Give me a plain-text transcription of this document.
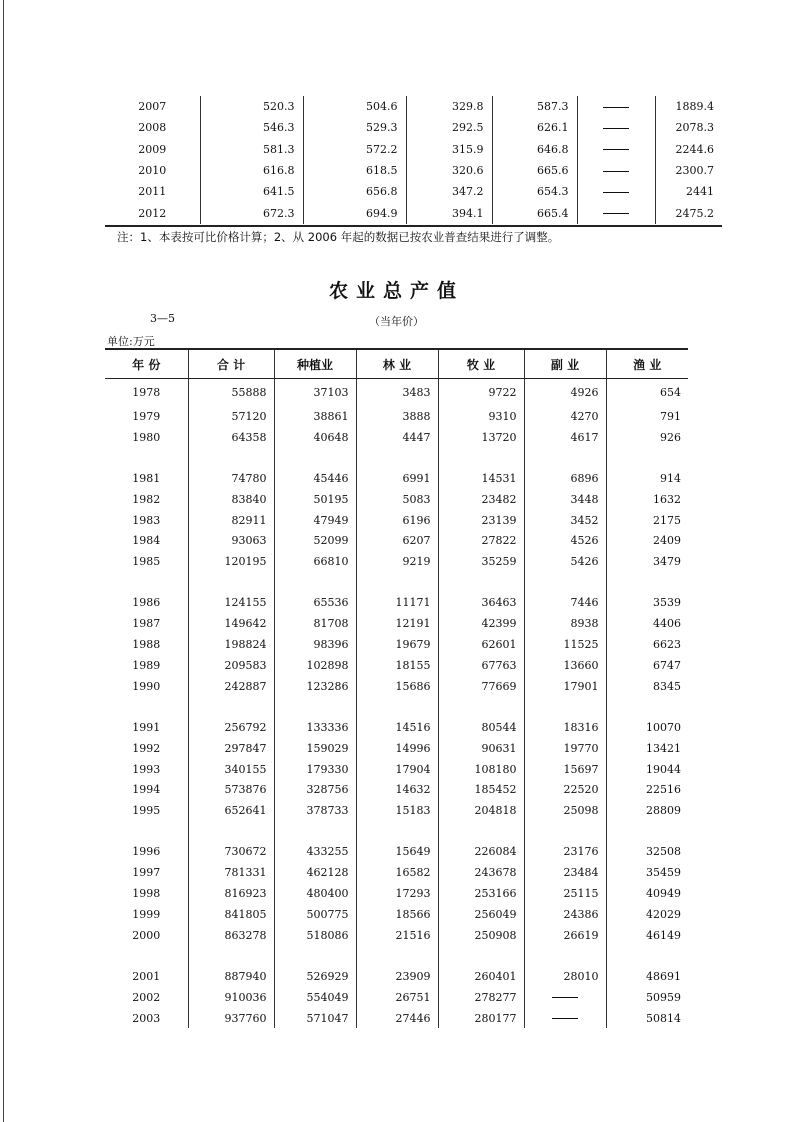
2007	520.3	504.6	329.8	587.3		1889.4
2008	546.3	529.3	292.5	626.1		2078.3
2009	581.3	572.2	315.9	646.8		2244.6
2010	616.8	618.5	320.6	665.6		2300.7
2011	641.5	656.8	347.2	654.3		2441
2012	672.3	694.9	394.1	665.4		2475.2
注：1、本表按可比价格计算；2、从 2006 年起的数据已按农业普查结果进行了调整。
农业总产值
3—5	（当年价）
单位:万元
年 份	合 计	种植业	林 业	牧 业	副 业	渔 业
1978	55888	37103	3483	9722	4926	654
1979	57120	38861	3888	9310	4270	791
1980	64358	40648	4447	13720	4617	926

1981	74780	45446	6991	14531	6896	914
1982	83840	50195	5083	23482	3448	1632
1983	82911	47949	6196	23139	3452	2175
1984	93063	52099	6207	27822	4526	2409
1985	120195	66810	9219	35259	5426	3479

1986	124155	65536	11171	36463	7446	3539
1987	149642	81708	12191	42399	8938	4406
1988	198824	98396	19679	62601	11525	6623
1989	209583	102898	18155	67763	13660	6747
1990	242887	123286	15686	77669	17901	8345

1991	256792	133336	14516	80544	18316	10070
1992	297847	159029	14996	90631	19770	13421
1993	340155	179330	17904	108180	15697	19044
1994	573876	328756	14632	185452	22520	22516
1995	652641	378733	15183	204818	25098	28809

1996	730672	433255	15649	226084	23176	32508
1997	781331	462128	16582	243678	23484	35459
1998	816923	480400	17293	253166	25115	40949
1999	841805	500775	18566	256049	24386	42029
2000	863278	518086	21516	250908	26619	46149

2001	887940	526929	23909	260401	28010	48691
2002	910036	554049	26751	278277		50959
2003	937760	571047	27446	280177		50814
